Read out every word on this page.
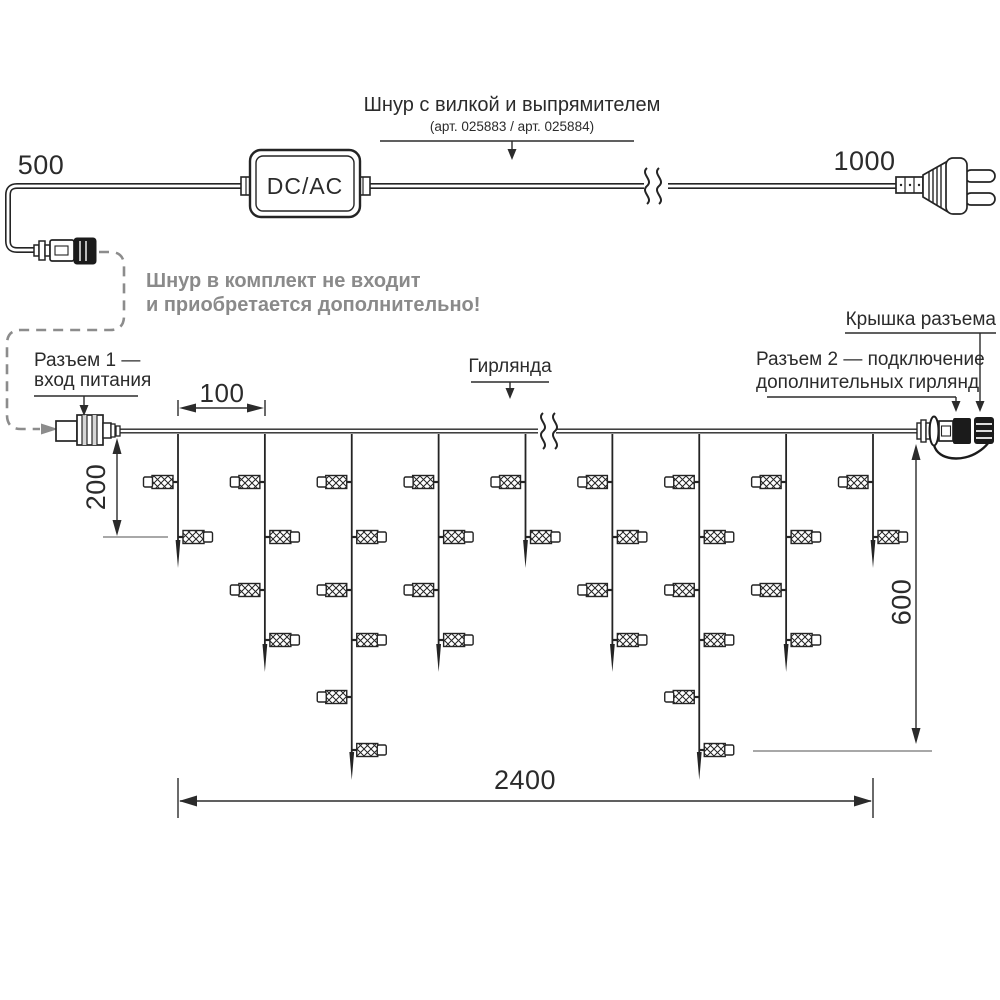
500
Шнур с вилкой и выпрямителем
(арт. 025883 / арт. 025884)
1000
DC/AC
Шнур в комплект не входит
и приобретается дополнительно!
Разъем 1 —
вход питания	100
Гирлянда
Крышка разъема
Разъем 2 — подключение
дополнительных гирлянд
200
600
2400
